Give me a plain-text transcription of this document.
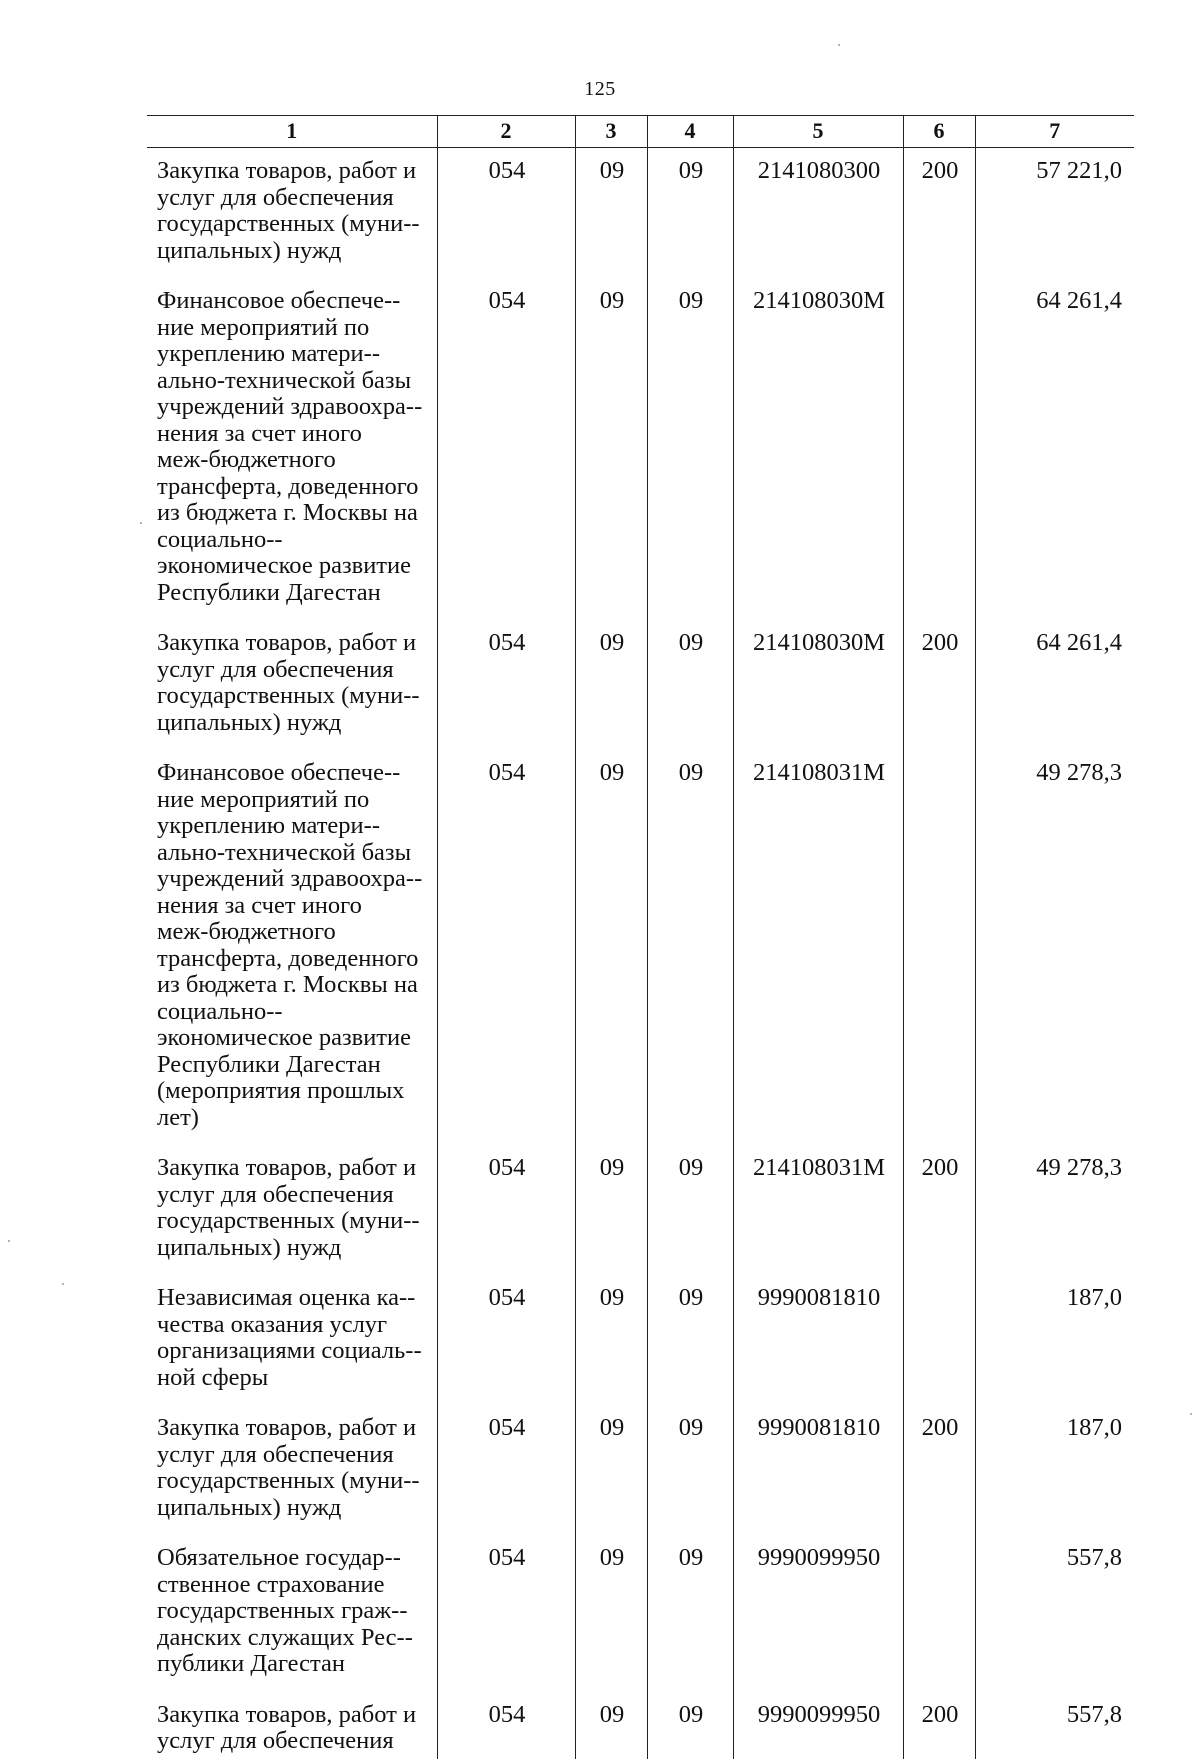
125
1	2	3	4	5	6	7
Закупка товаров, работ и услуг для обеспечения государственных (муни-ципальных) нужд	054	09	09	2141080300	200	57 221,0
Финансовое обеспече-ние мероприятий по укреплению матери-ально-технической базы учреждений здравоохра-нения за счет иного меж-бюджетного трансферта, доведенного из бюджета г. Москвы на социально-экономическое развитие Республики Дагестан	054	09	09	214108030М		64 261,4
Закупка товаров, работ и услуг для обеспечения государственных (муни-ципальных) нужд	054	09	09	214108030М	200	64 261,4
Финансовое обеспече-ние мероприятий по укреплению матери-ально-технической базы учреждений здравоохра-нения за счет иного меж-бюджетного трансферта, доведенного из бюджета г. Москвы на социально-экономическое развитие Республики Дагестан (мероприятия прошлых лет)	054	09	09	214108031М		49 278,3
Закупка товаров, работ и услуг для обеспечения государственных (муни-ципальных) нужд	054	09	09	214108031М	200	49 278,3
Независимая оценка ка-чества оказания услуг организациями социаль-ной сферы	054	09	09	9990081810		187,0
Закупка товаров, работ и услуг для обеспечения государственных (муни-ципальных) нужд	054	09	09	9990081810	200	187,0
Обязательное государ-ственное страхование государственных граж-данских служащих Рес-публики Дагестан	054	09	09	9990099950		557,8
Закупка товаров, работ и услуг для обеспечения	054	09	09	9990099950	200	557,8
